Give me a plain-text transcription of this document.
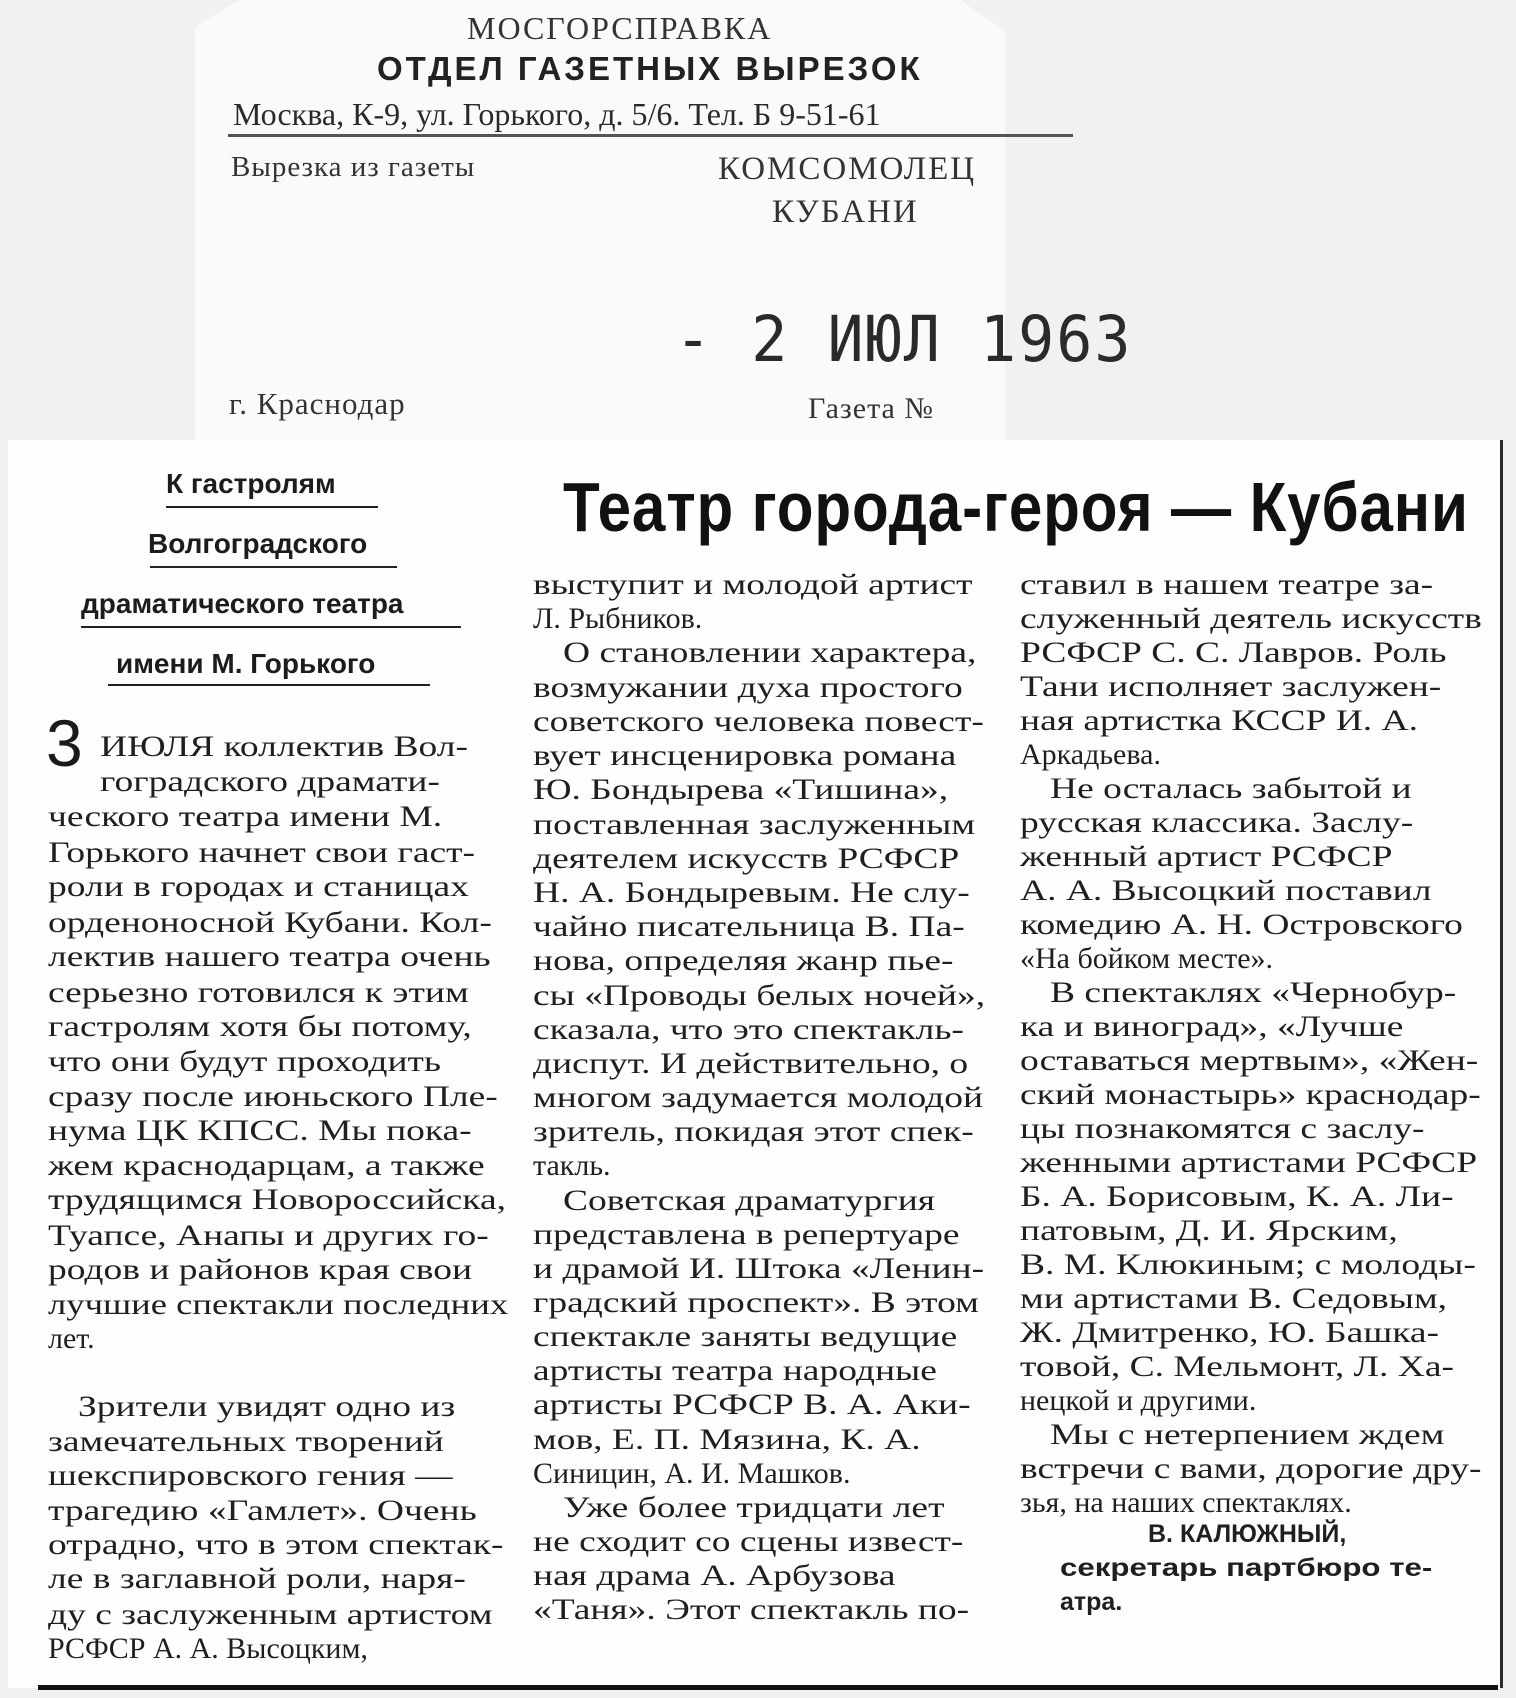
МОСГОРСПРАВКА

ОТДЕЛ ГАЗЕТНЫХ ВЫРЕЗОК

Москва, К-9, ул. Горького, д. 5/6. Тел. Б 9-51-61

Вырезка из газеты	КОМСОМОЛЕЦ

КУБАНИ

- 2 ИЮЛ 1963

г. Краснодар	Газета №

К гастролям

Волгоградского

драматического театра

имени М. Горького

Театр города-героя — Кубани
3 ИЮЛЯ коллектив Вол-
гоградского драмати-
ческого театра имени М.
Горького начнет свои гаст-
роли в городах и станицах
орденоносной Кубани. Кол-
лектив нашего театра очень
серьезно готовился к этим
гастролям хотя бы потому,
что они будут проходить
сразу после июньского Пле-
нума ЦК КПСС. Мы пока-
жем краснодарцам, а также
трудящимся Новороссийска,
Туапсе, Анапы и других го-
родов и районов края свои
лучшие спектакли последних
лет.
Зрители увидят одно из
замечательных творений
шекспировского гения —
трагедию «Гамлет». Очень
отрадно, что в этом спектак-
ле в заглавной роли, наря-
ду с заслуженным артистом
РСФСР А. А. Высоцким,
выступит и молодой артист
Л. Рыбников.
О становлении характера,
возмужании духа простого
советского человека повест-
вует инсценировка романа
Ю. Бондырева «Тишина»,
поставленная заслуженным
деятелем искусств РСФСР
Н. А. Бондыревым. Не слу-
чайно писательница В. Па-
нова, определяя жанр пье-
сы «Проводы белых ночей»,
сказала, что это спектакль-
диспут. И действительно, о
многом задумается молодой
зритель, покидая этот спек-
такль.
Советская драматургия
представлена в репертуаре
и драмой И. Штока «Ленин-
градский проспект». В этом
спектакле заняты ведущие
артисты театра народные
артисты РСФСР В. А. Аки-
мов, Е. П. Мязина, К. А.
Синицин, А. И. Машков.
Уже более тридцати лет
не сходит со сцены извест-
ная драма А. Арбузова
«Таня». Этот спектакль по-
ставил в нашем театре за-
служенный деятель искусств
РСФСР С. С. Лавров. Роль
Тани исполняет заслужен-
ная артистка КССР И. А.
Аркадьева.
Не осталась забытой и
русская классика. Заслу-
женный артист РСФСР
А. А. Высоцкий поставил
комедию А. Н. Островского
«На бойком месте».
В спектаклях «Чернобур-
ка и виноград», «Лучше
оставаться мертвым», «Жен-
ский монастырь» краснодар-
цы познакомятся с заслу-
женными артистами РСФСР
Б. А. Борисовым, К. А. Ли-
патовым, Д. И. Ярским,
В. М. Клюкиным; с молоды-
ми артистами В. Седовым,
Ж. Дмитренко, Ю. Башка-
товой, С. Мельмонт, Л. Ха-
нецкой и другими.
Мы с нетерпением ждем
встречи с вами, дорогие дру-
зья, на наших спектаклях.
В. КАЛЮЖНЫЙ,
секретарь партбюро те-
атра.
